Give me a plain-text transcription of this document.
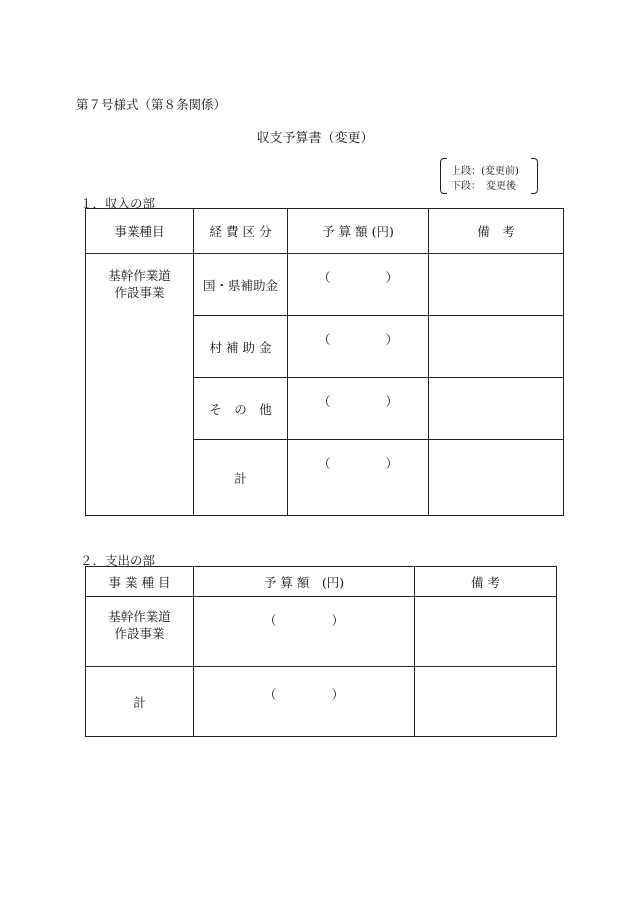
第７号様式（第８条関係）
収支予算書（変更）
上段：(変更前)
下段：　変更後
１．収入の部
事業種目	経 費 区 分	予 算 額 (円)	備　考
基幹作業道
作設事業	国・県補助金	（ ）	

	村 補 助 金	（ ）	

	そ　の　他	（ ）	

	計	（ ）	

２．支出の部
事 業 種 目	予 算 額　(円)	備 考
基幹作業道
作設事業	（ ）	

計	（ ）	
